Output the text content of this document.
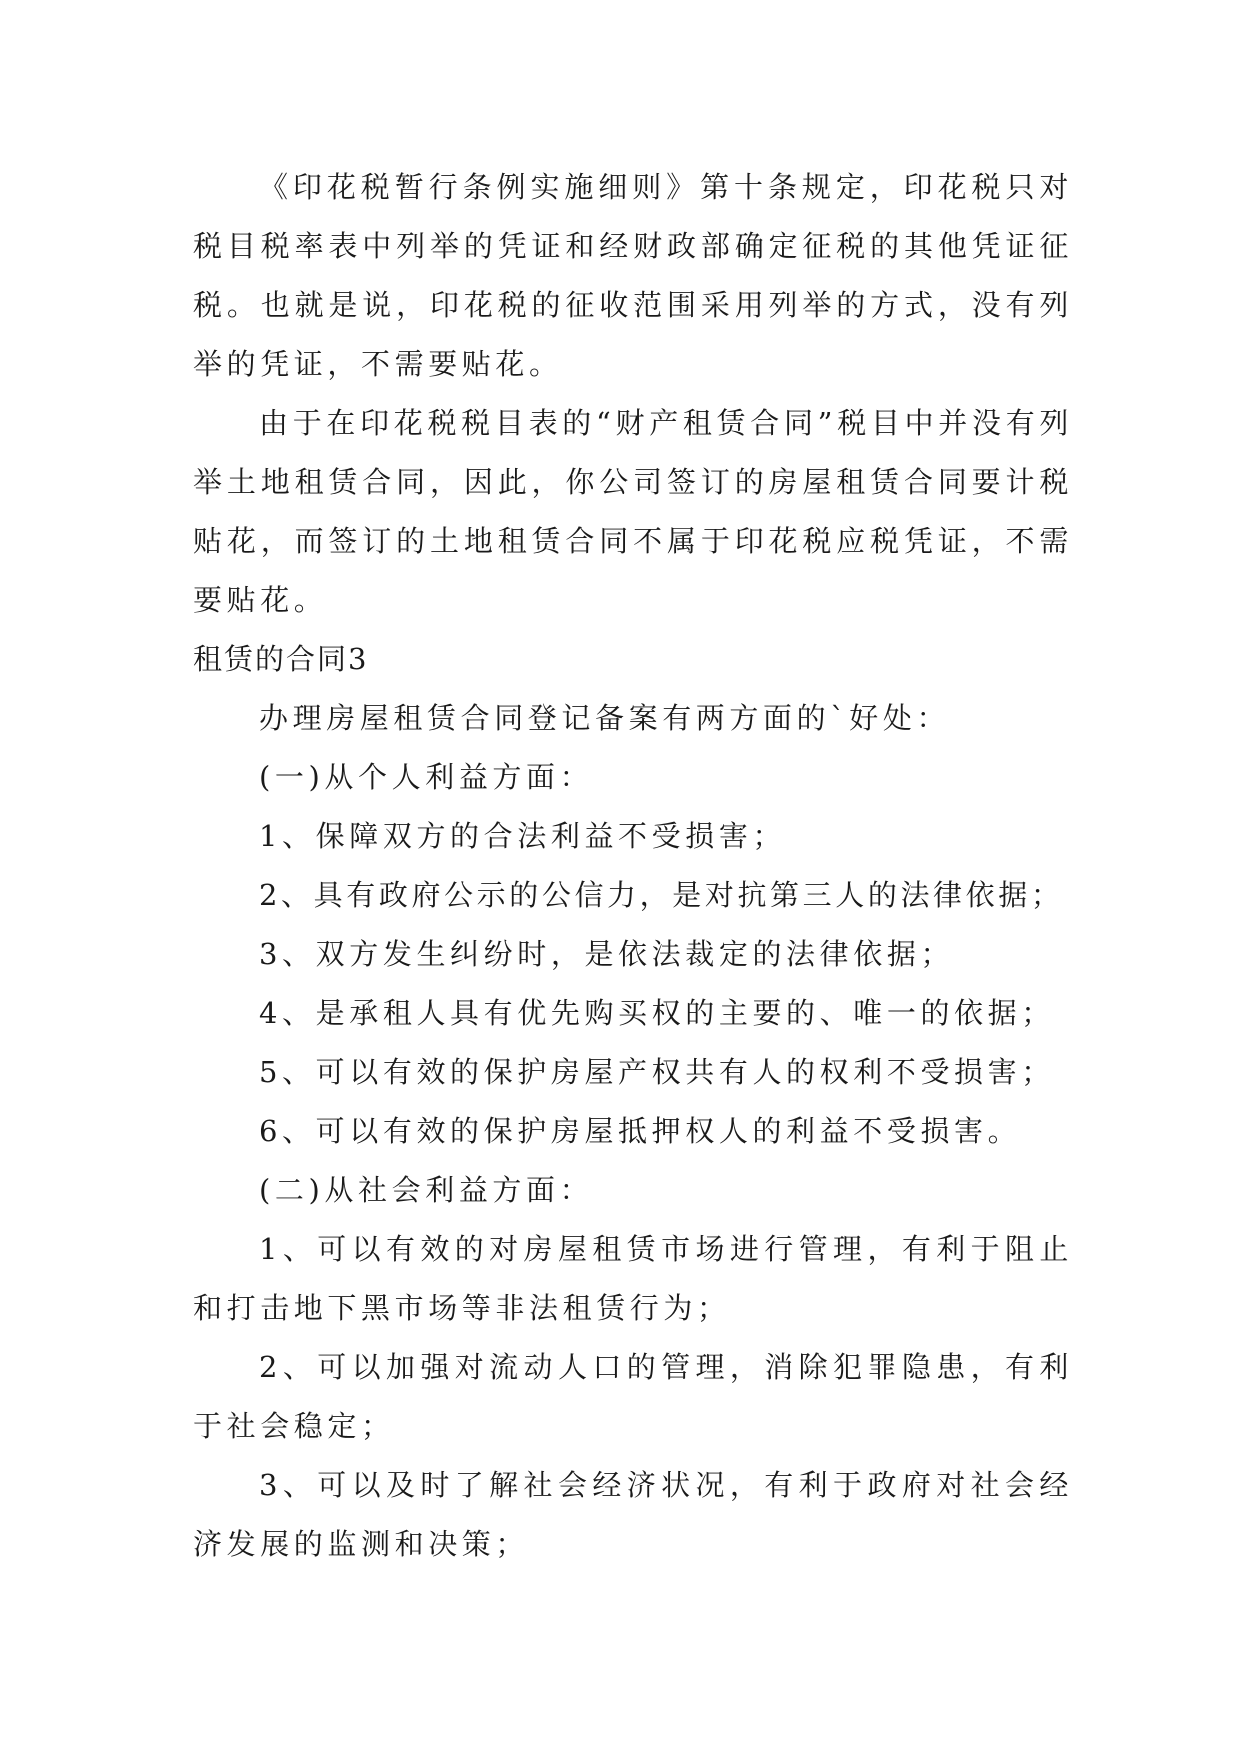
《印花税暂行条例实施细则》第十条规定，印花税只对税目税率表中列举的凭证和经财政部确定征税的其他凭证征税。也就是说，印花税的征收范围采用列举的方式，没有列举的凭证，不需要贴花。

由于在印花税税目表的“财产租赁合同”税目中并没有列举土地租赁合同，因此，你公司签订的房屋租赁合同要计税贴花，而签订的土地租赁合同不属于印花税应税凭证，不需要贴花。

租赁的合同3

办理房屋租赁合同登记备案有两方面的`好处：

(一)从个人利益方面：

1、保障双方的合法利益不受损害；

2、具有政府公示的公信力，是对抗第三人的法律依据；

3、双方发生纠纷时，是依法裁定的法律依据；

4、是承租人具有优先购买权的主要的、唯一的依据；

5、可以有效的保护房屋产权共有人的权利不受损害；

6、可以有效的保护房屋抵押权人的利益不受损害。

(二)从社会利益方面：

1、可以有效的对房屋租赁市场进行管理，有利于阻止和打击地下黑市场等非法租赁行为；

2、可以加强对流动人口的管理，消除犯罪隐患，有利于社会稳定；

3、可以及时了解社会经济状况，有利于政府对社会经济发展的监测和决策；
